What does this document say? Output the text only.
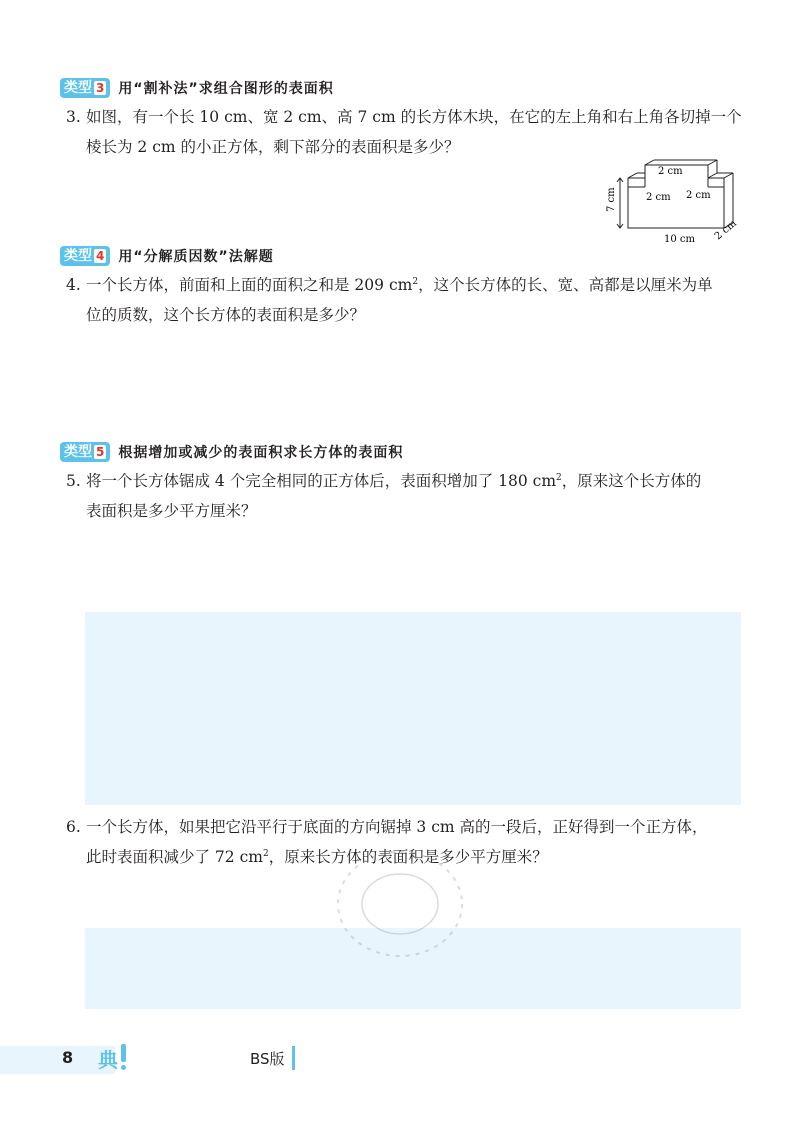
类型 3 用“割补法”求组合图形的表面积
3. 如图，有一个长 10 cm、宽 2 cm、高 7 cm 的长方体木块，在它的左上角和右上角各切掉一个
棱长为 2 cm 的小正方体，剩下部分的表面积是多少？
7 cm
2 cm
2 cm 2 cm
10 cm 2 cm
类型 4 用“分解质因数”法解题
4. 一个长方体，前面和上面的面积之和是 209 $cm^2$，这个长方体的长、宽、高都是以厘米为单
位的质数，这个长方体的表面积是多少？
类型 5 根据增加或减少的表面积求长方体的表面积
5. 将一个长方体锯成 4 个完全相同的正方体后，表面积增加了 180 $cm^2$，原来这个长方体的
表面积是多少平方厘米？
6. 一个长方体，如果把它沿平行于底面的方向锯掉 3 cm 高的一段后，正好得到一个正方体，
此时表面积减少了 72 $cm^2$，原来长方体的表面积是多少平方厘米？
8 典	BS版
